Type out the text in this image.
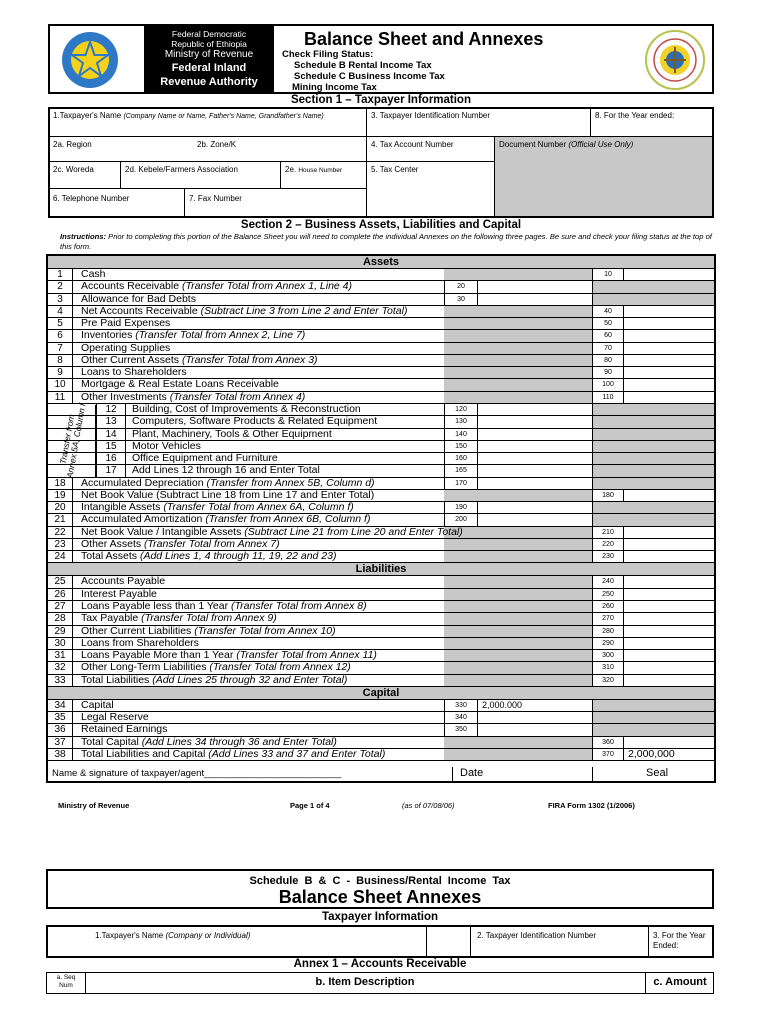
Federal Democratic
Republic of Ethiopia
Ministry of Revenue
Federal Inland
Revenue Authority
Balance Sheet and Annexes
Check Filing Status:
Schedule B Rental Income Tax
Schedule C Business Income Tax
Mining Income Tax
Section 1 – Taxpayer Information
1.Taxpayer's Name (Company Name or Name, Father's Name, Grandfather's Name)	3. Taxpayer Identification Number	8. For the Year ended:
2a. Region	2b. Zone/K	4. Tax Account Number	Document Number (Official Use Only)
2c. Woreda	2d. Kebele/Farmers Association	2e. House Number	5. Tax Center
6. Telephone Number	7. Fax Number
Section 2 – Business Assets, Liabilities and Capital
Instructions: Prior to completing this portion of the Balance Sheet you will need to complete the individual Annexes on the following three pages. Be sure and check your filing status at the top of this form.
Assets
1	Cash	10
2	Accounts Receivable (Transfer Total from Annex 1, Line 4)	20
3	Allowance for Bad Debts	30
4	Net Accounts Receivable (Subtract Line 3 from Line 2 and Enter Total)	40
5	Pre Paid Expenses	50
6	Inventories (Transfer Total from Annex 2, Line 7)	60
7	Operating Supplies	70
8	Other Current Assets (Transfer Total from Annex 3)	80
9	Loans to Shareholders	90
10	Mortgage & Real Estate Loans Receivable	100
11	Other Investments (Transfer Total from Annex 4)	110
12	Building, Cost of Improvements & Reconstruction	120
13	Computers, Software Products & Related Equipment	130
14	Plant, Machinery, Tools & Other Equipment	140
15	Motor Vehicles	150
16	Office Equipment and Furniture	160
17	Add Lines 12 through 16 and Enter Total	165
18	Accumulated Depreciation (Transfer from Annex 5B, Column d)	170
19	Net Book Value (Subtract Line 18 from Line 17 and Enter Total)	180
20	Intangible Assets (Transfer Total from Annex 6A, Column f)	190
21	Accumulated Amortization (Transfer from Annex 6B, Column f)	200
22	Net Book Value / Intangible Assets (Subtract Line 21 from Line 20 and Enter Total)	210
23	Other Assets (Transfer Total from Annex 7)	220
24	Total Assets (Add Lines 1, 4 through 11, 19, 22 and 23)	230
Liabilities
25	Accounts Payable	240
26	Interest Payable	250
27	Loans Payable less than 1 Year (Transfer Total from Annex 8)	260
28	Tax Payable (Transfer Total from Annex 9)	270
29	Other Current Liabilities (Transfer Total from Annex 10)	280
30	Loans from Shareholders	290
31	Loans Payable More than 1 Year (Transfer Total from Annex 11)	300
32	Other Long-Term Liabilities (Transfer Total from Annex 12)	310
33	Total Liabilities (Add Lines 25 through 32 and Enter Total)	320
Capital
34	Capital	330	2,000.000
35	Legal Reserve	340
36	Retained Earnings	350
37	Total Capital (Add Lines 34 through 36 and Enter Total)	360
38	Total Liabilities and Capital (Add Lines 33 and 37 and Enter Total)	370	2,000,000
Transfer from Annex 5A, Column f
Name & signature of taxpayer/agent__________________________	Date	Seal
Ministry of Revenue	Page 1 of 4	(as of 07/08/06)	FIRA Form 1302 (1/2006)
Schedule B & C - Business/Rental Income Tax
Balance Sheet Annexes
Taxpayer Information
1.Taxpayer's Name (Company or Individual)	2. Taxpayer Identification Number	3. For the Year Ended:
Annex 1 – Accounts Receivable
a. Seq Num	b. Item Description	c. Amount
